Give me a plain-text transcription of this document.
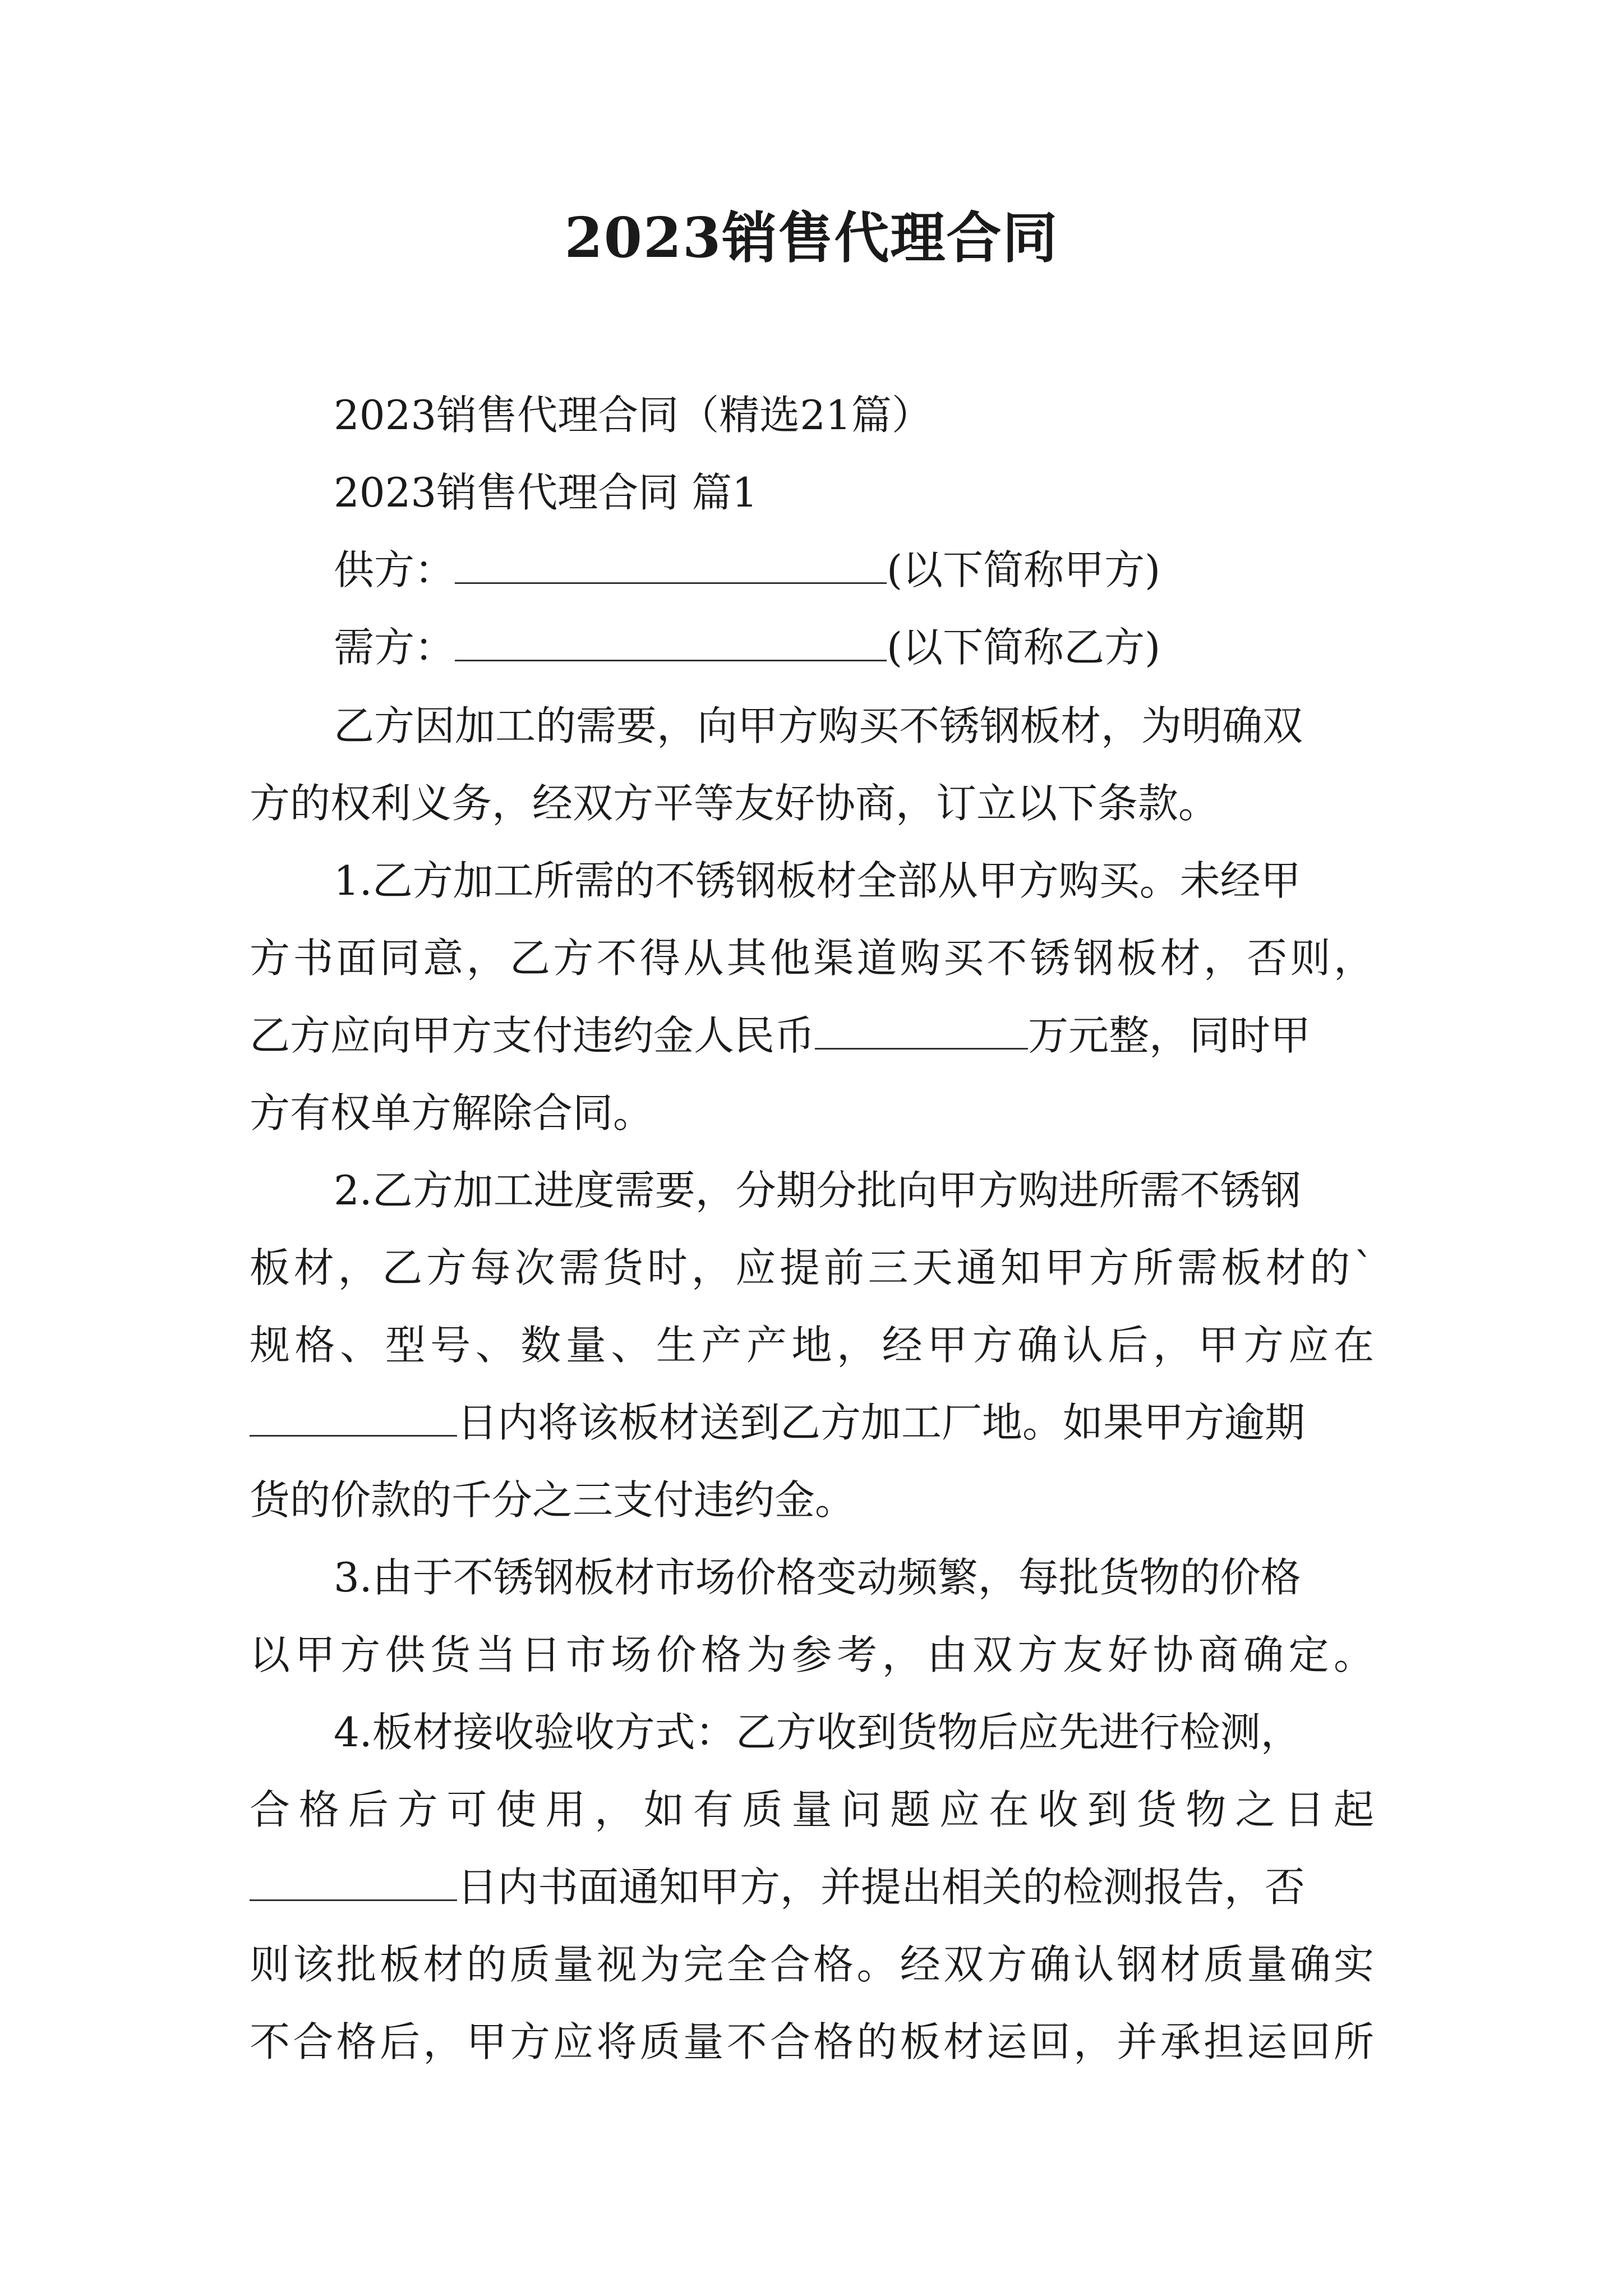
2023销售代理合同
2023销售代理合同（精选21篇）
2023销售代理合同 篇1
供方：	(以下简称甲方)
需方：	(以下简称乙方)
乙方因加工的需要，向甲方购买不锈钢板材，为明确双
方的权利义务，经双方平等友好协商，订立以下条款。
1.乙方加工所需的不锈钢板材全部从甲方购买。未经甲
方书面同意，乙方不得从其他渠道购买不锈钢板材，否则，
乙方应向甲方支付违约金人民币	万元整，同时甲
方有权单方解除合同。
2.乙方加工进度需要，分期分批向甲方购进所需不锈钢
板材，乙方每次需货时，应提前三天通知甲方所需板材的`
规格、型号、数量、生产产地，经甲方确认后，甲方应在
日内将该板材送到乙方加工厂地。如果甲方逾期
货的价款的千分之三支付违约金。
3.由于不锈钢板材市场价格变动频繁，每批货物的价格
以甲方供货当日市场价格为参考，由双方友好协商确定。
4.板材接收验收方式：乙方收到货物后应先进行检测，
合格后方可使用，如有质量问题应在收到货物之日起
日内书面通知甲方，并提出相关的检测报告，否
则该批板材的质量视为完全合格。经双方确认钢材质量确实
不合格后，甲方应将质量不合格的板材运回，并承担运回所
